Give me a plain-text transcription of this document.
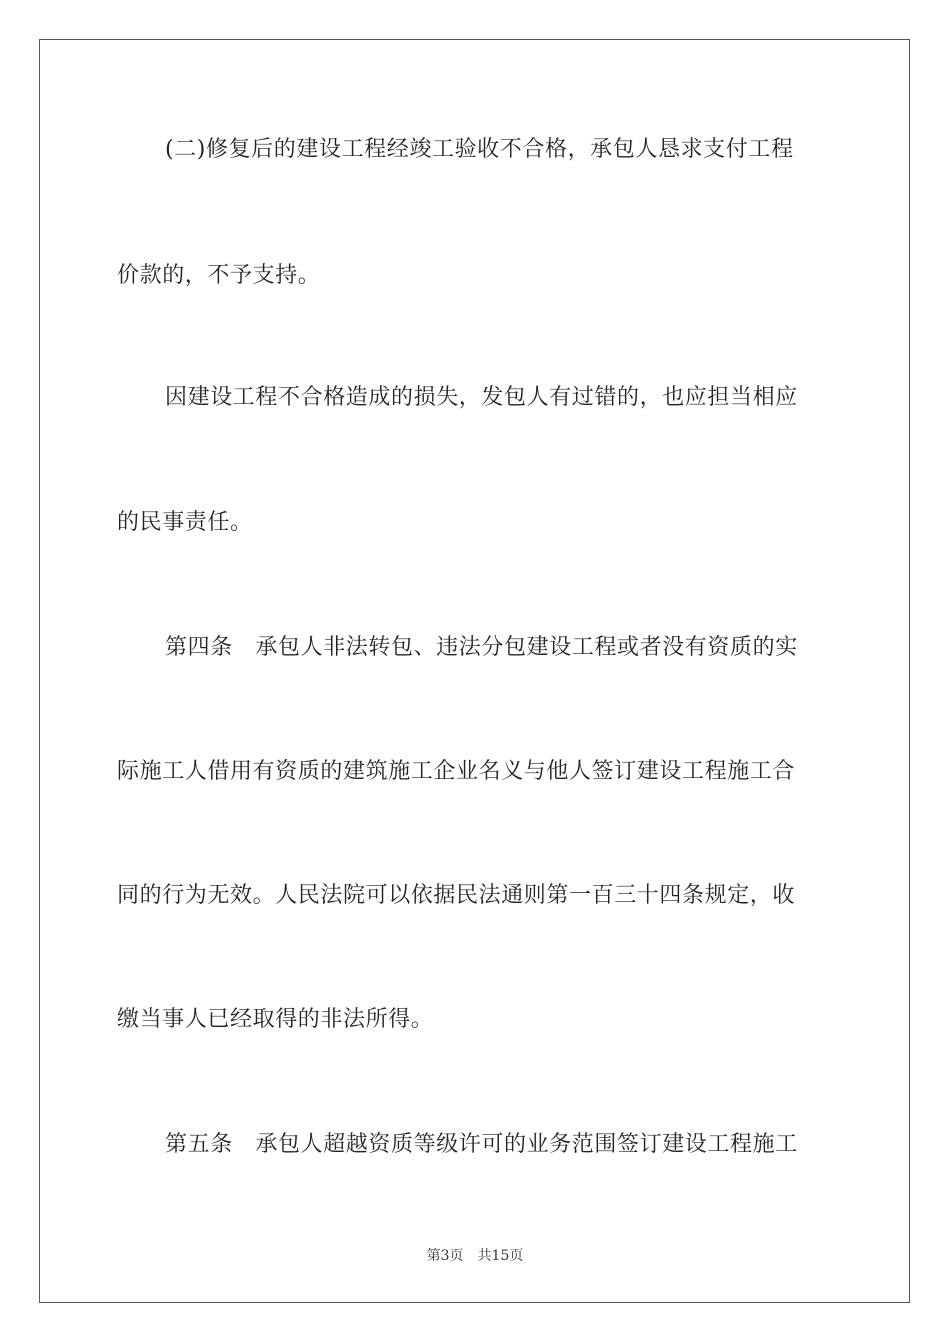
(二)修复后的建设工程经竣工验收不合格，承包人恳求支付工程
价款的，不予支持。
因建设工程不合格造成的损失，发包人有过错的，也应担当相应
的民事责任。
第四条　承包人非法转包、违法分包建设工程或者没有资质的实
际施工人借用有资质的建筑施工企业名义与他人签订建设工程施工合
同的行为无效。人民法院可以依据民法通则第一百三十四条规定，收
缴当事人已经取得的非法所得。
第五条　承包人超越资质等级许可的业务范围签订建设工程施工
第3页 共15页
